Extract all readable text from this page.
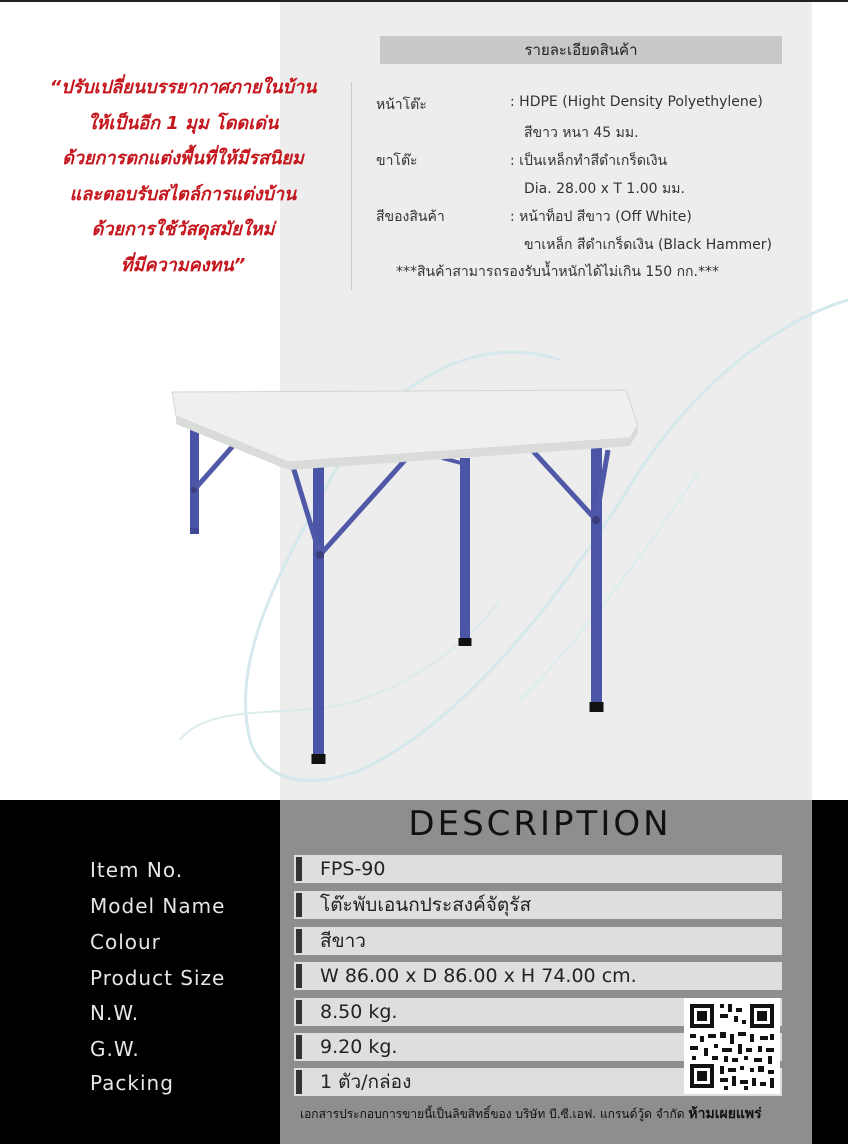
“ปรับเปลี่ยนบรรยากาศภายในบ้าน
ให้เป็นอีก 1 มุม โดดเด่น
ด้วยการตกแต่งพื้นที่ให้มีรสนิยม
และตอบรับสไตล์การแต่งบ้าน
ด้วยการใช้วัสดุสมัยใหม่
ที่มีความคงทน”
รายละเอียดสินค้า
หน้าโต๊ะ	: HDPE (Hight Density Polyethylene)
สีขาว หนา 45 มม.
ขาโต๊ะ	: เป็นเหล็กทำสีดำเกร็ดเงิน
Dia. 28.00 x T 1.00 มม.
สีของสินค้า	: หน้าท็อป สีขาว (Off White)
ขาเหล็ก สีดำเกร็ดเงิน (Black Hammer)
***สินค้าสามารถรองรับน้ำหนักได้ไม่เกิน 150 กก.***
DESCRIPTION
Item No.	FPS-90
Model Name	โต๊ะพับเอนกประสงค์จัตุรัส
Colour	สีขาว
Product Size	W 86.00 x D 86.00 x H 74.00 cm.
N.W.	8.50 kg.
G.W.	9.20 kg.
Packing	1 ตัว/กล่อง
เอกสารประกอบการขายนี้เป็นลิขสิทธิ์ของ บริษัท บี.ซี.เอฟ. แกรนด์วู้ด จำกัด ห้ามเผยแพร่
